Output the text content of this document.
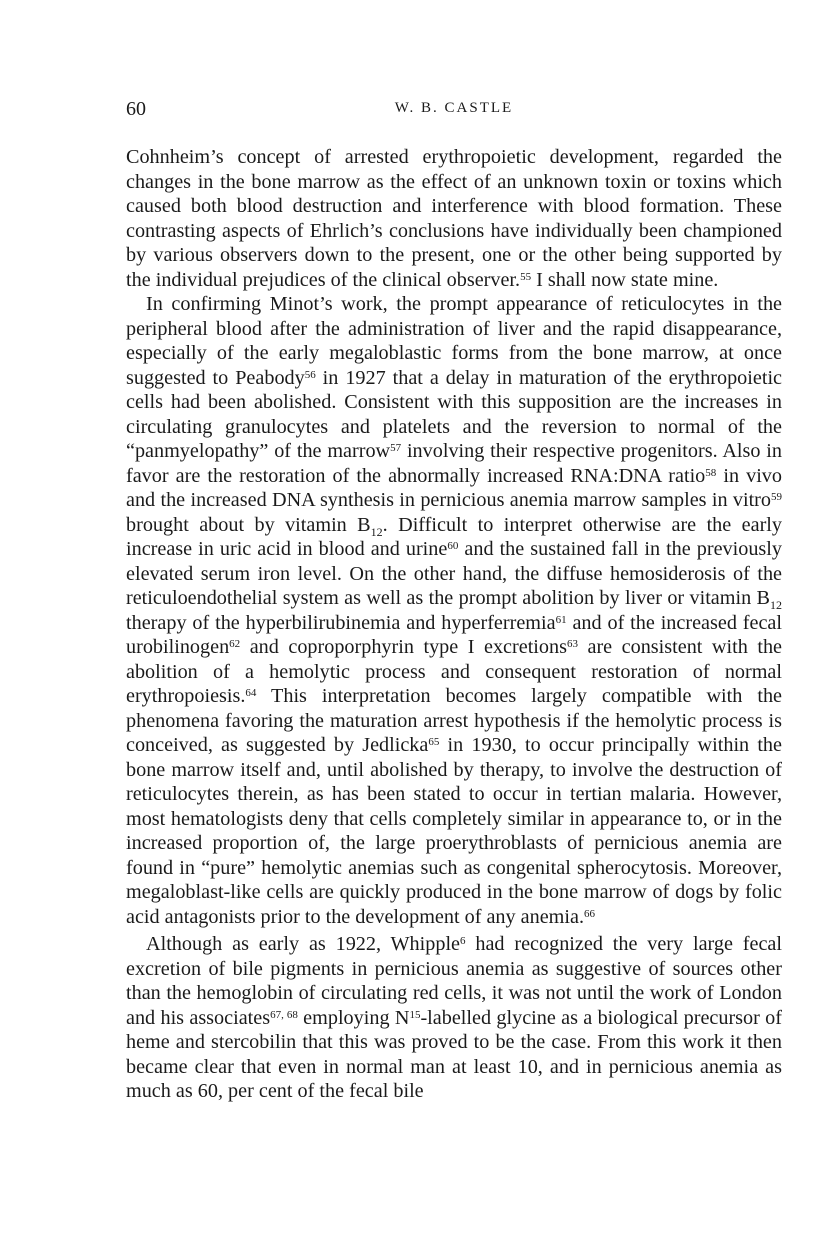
60	W. B. CASTLE

Cohnheim’s concept of arrested erythropoietic development, regarded the changes in the bone marrow as the effect of an unknown toxin or toxins which caused both blood destruction and interference with blood formation. These contrasting aspects of Ehrlich’s conclusions have individually been championed by various observers down to the present, one or the other being supported by the individual prejudices of the clinical observer.$^{55}$ I shall now state mine.

In confirming Minot’s work, the prompt appearance of reticulocytes in the peripheral blood after the administration of liver and the rapid disappearance, especially of the early megaloblastic forms from the bone marrow, at once suggested to Peabody$^{56}$ in 1927 that a delay in maturation of the erythropoietic cells had been abolished. Consistent with this supposition are the increases in circulating granulocytes and platelets and the reversion to normal of the “panmyelopathy” of the marrow$^{57}$ involving their respective progenitors. Also in favor are the restoration of the abnormally increased RNA:DNA ratio$^{58}$ in vivo and the increased DNA synthesis in pernicious anemia marrow samples in vitro$^{59}$ brought about by vitamin $B_{12}$. Difficult to interpret otherwise are the early increase in uric acid in blood and urine$^{60}$ and the sustained fall in the previously elevated serum iron level. On the other hand, the diffuse hemosiderosis of the reticuloendothelial system as well as the prompt abolition by liver or vitamin $B_{12}$ therapy of the hyperbilirubinemia and hyperferremia$^{61}$ and of the increased fecal urobilinogen$^{62}$ and coproporphyrin type I excretions$^{63}$ are consistent with the abolition of a hemolytic process and consequent restoration of normal erythropoiesis.$^{64}$ This interpretation becomes largely compatible with the phenomena favoring the maturation arrest hypothesis if the hemolytic process is conceived, as suggested by Jedlicka$^{65}$ in 1930, to occur principally within the bone marrow itself and, until abolished by therapy, to involve the destruction of reticulocytes therein, as has been stated to occur in tertian malaria. However, most hematologists deny that cells completely similar in appearance to, or in the increased proportion of, the large proerythroblasts of pernicious anemia are found in “pure” hemolytic anemias such as congenital spherocytosis. Moreover, megaloblast-like cells are quickly produced in the bone marrow of dogs by folic acid antagonists prior to the development of any anemia.$^{66}$

Although as early as 1922, Whipple$^6$ had recognized the very large fecal excretion of bile pigments in pernicious anemia as suggestive of sources other than the hemoglobin of circulating red cells, it was not until the work of London and his associates$^{67, 68}$ employing $N^{15}$-labelled glycine as a biological precursor of heme and stercobilin that this was proved to be the case. From this work it then became clear that even in normal man at least 10, and in pernicious anemia as much as 60, per cent of the fecal bile
